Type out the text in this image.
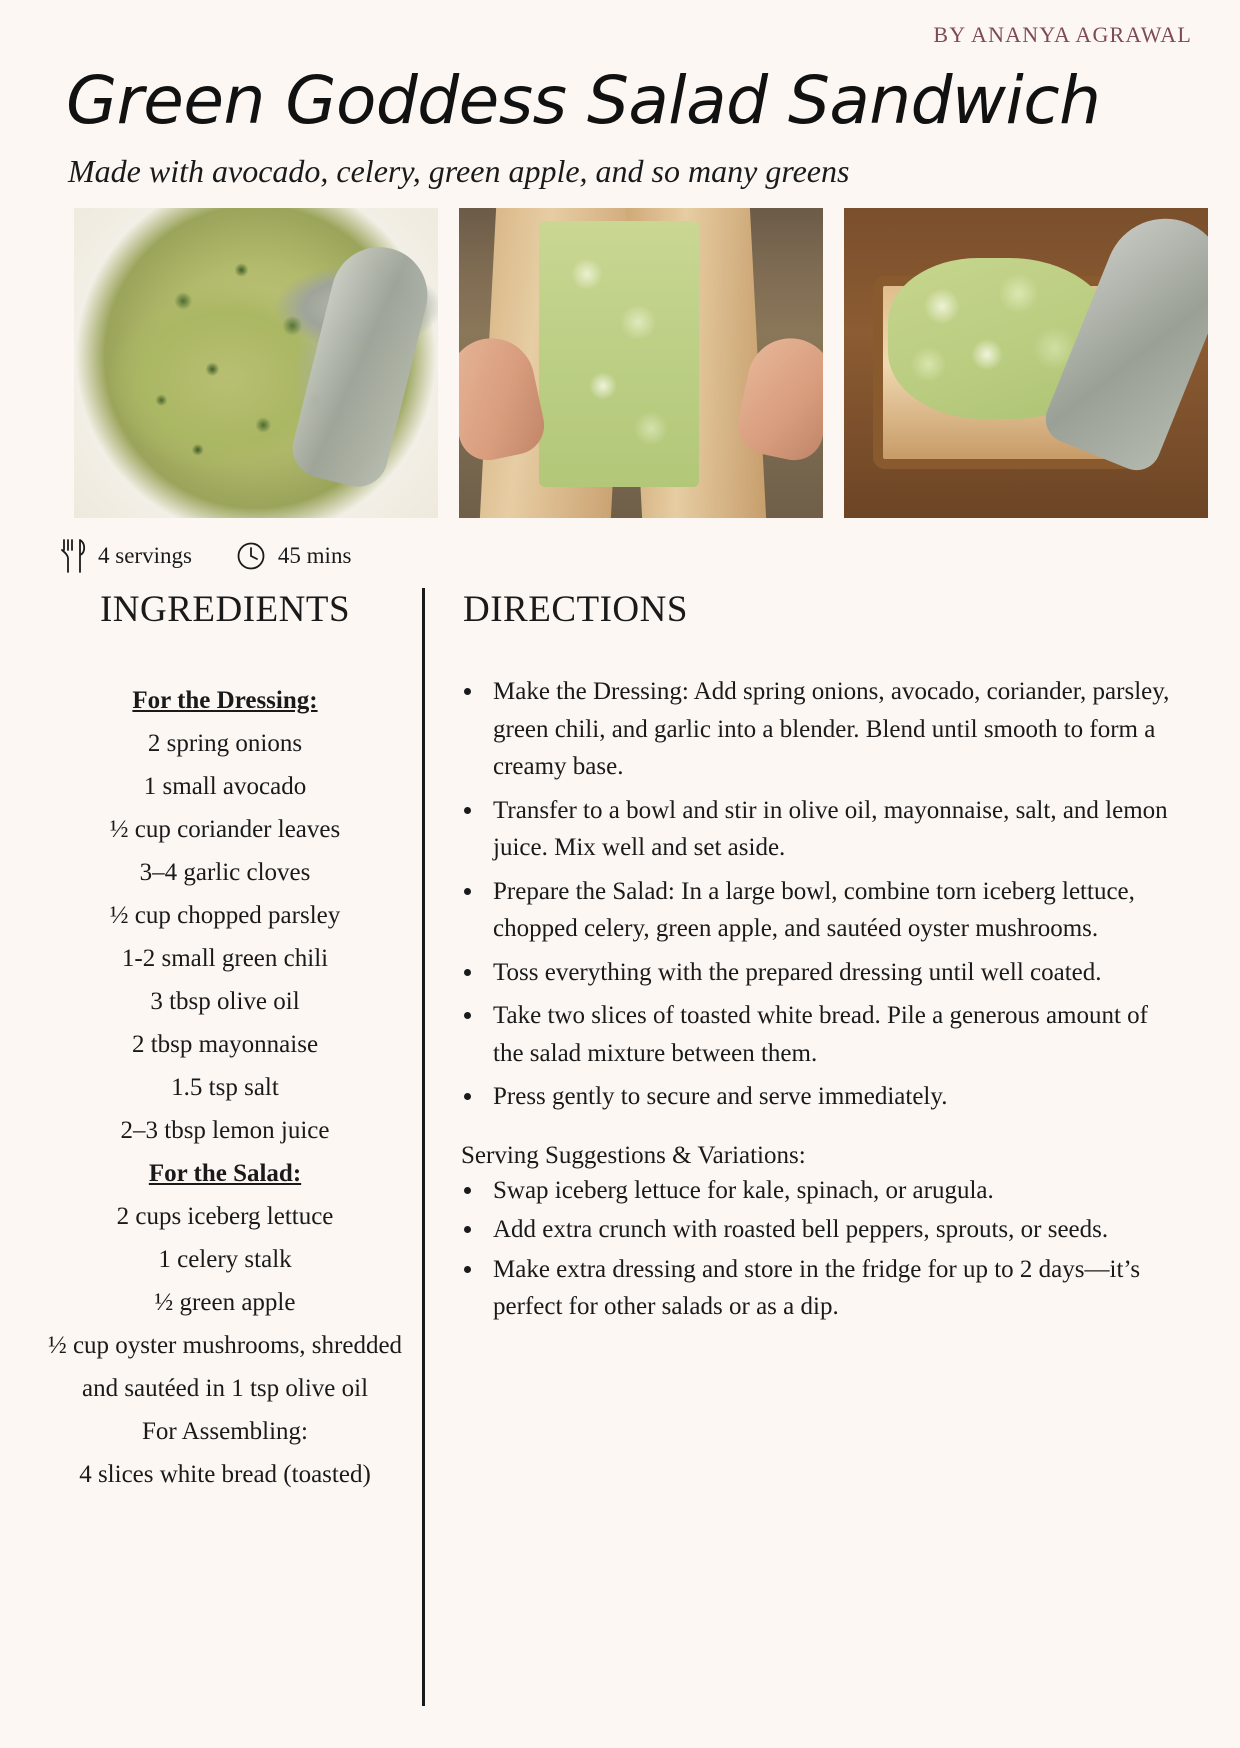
BY ANANYA AGRAWAL
Green Goddess Salad Sandwich
Made with avocado, celery, green apple, and so many greens
4 servings	45 mins
INGREDIENTS
For the Dressing:
2 spring onions
1 small avocado
½ cup coriander leaves
3–4 garlic cloves
½ cup chopped parsley
1-2 small green chili
3 tbsp olive oil
2 tbsp mayonnaise
1.5 tsp salt
2–3 tbsp lemon juice
For the Salad:
2 cups iceberg lettuce
1 celery stalk
½ green apple
½ cup oyster mushrooms, shredded and sautéed in 1 tsp olive oil
For Assembling:
4 slices white bread (toasted)
DIRECTIONS
• Make the Dressing: Add spring onions, avocado, coriander, parsley, green chili, and garlic into a blender. Blend until smooth to form a creamy base.
• Transfer to a bowl and stir in olive oil, mayonnaise, salt, and lemon juice. Mix well and set aside.
• Prepare the Salad: In a large bowl, combine torn iceberg lettuce, chopped celery, green apple, and sautéed oyster mushrooms.
• Toss everything with the prepared dressing until well coated.
• Take two slices of toasted white bread. Pile a generous amount of the salad mixture between them.
• Press gently to secure and serve immediately.
Serving Suggestions & Variations:
• Swap iceberg lettuce for kale, spinach, or arugula.
• Add extra crunch with roasted bell peppers, sprouts, or seeds.
• Make extra dressing and store in the fridge for up to 2 days—it’s perfect for other salads or as a dip.
